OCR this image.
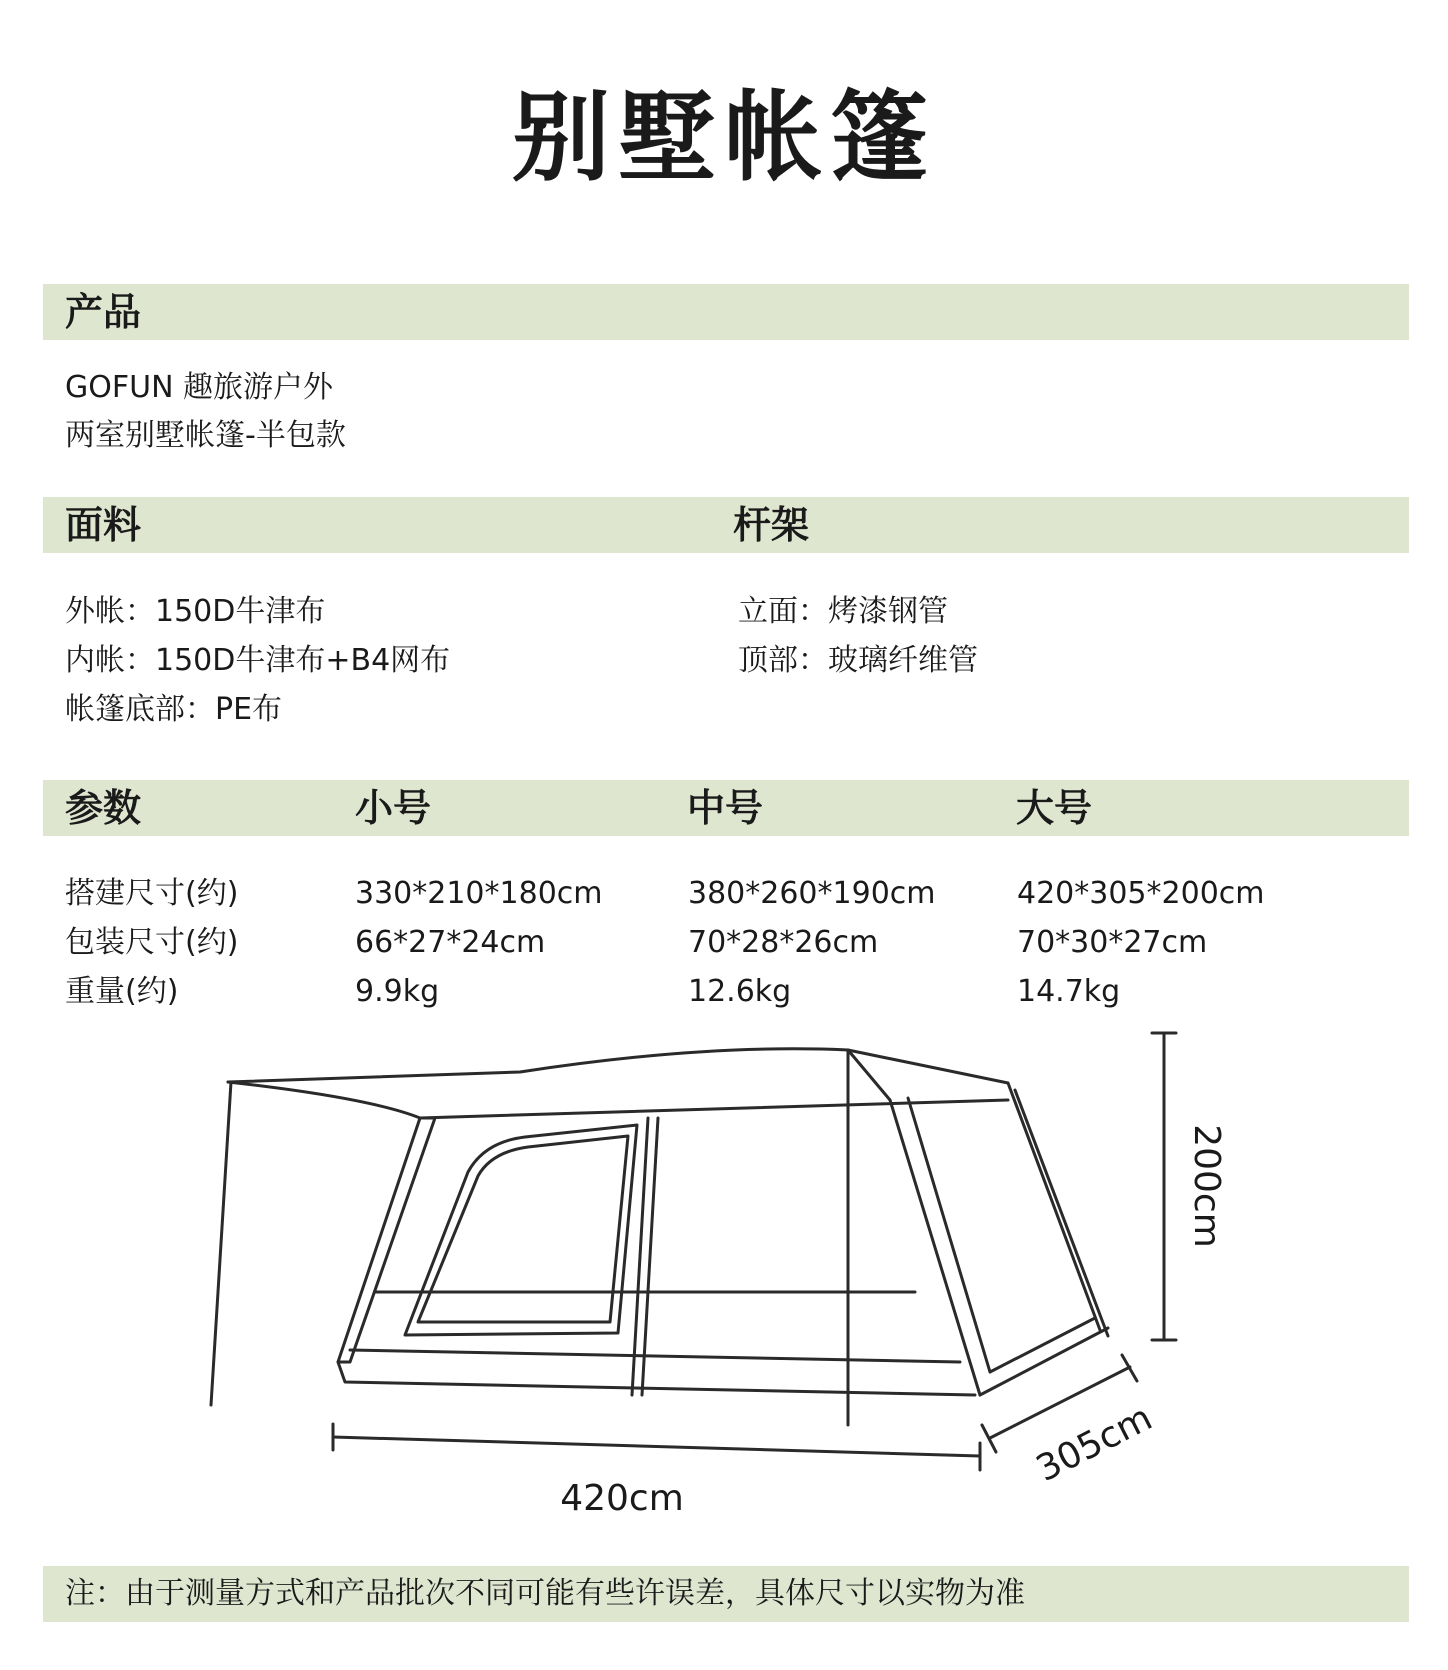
别墅帐篷
产品
GOFUN 趣旅游户外
两室别墅帐篷-半包款
面料	杆架
外帐：150D牛津布
内帐：150D牛津布+B4网布
帐篷底部：PE布
立面：烤漆钢管
顶部：玻璃纤维管
参数	小号	中号	大号
搭建尺寸(约)	330*210*180cm	380*260*190cm	420*305*200cm
包装尺寸(约)	66*27*24cm	70*28*26cm	70*30*27cm
重量(约)	9.9kg	12.6kg	14.7kg
200cm
305cm
420cm
注：由于测量方式和产品批次不同可能有些许误差，具体尺寸以实物为准
